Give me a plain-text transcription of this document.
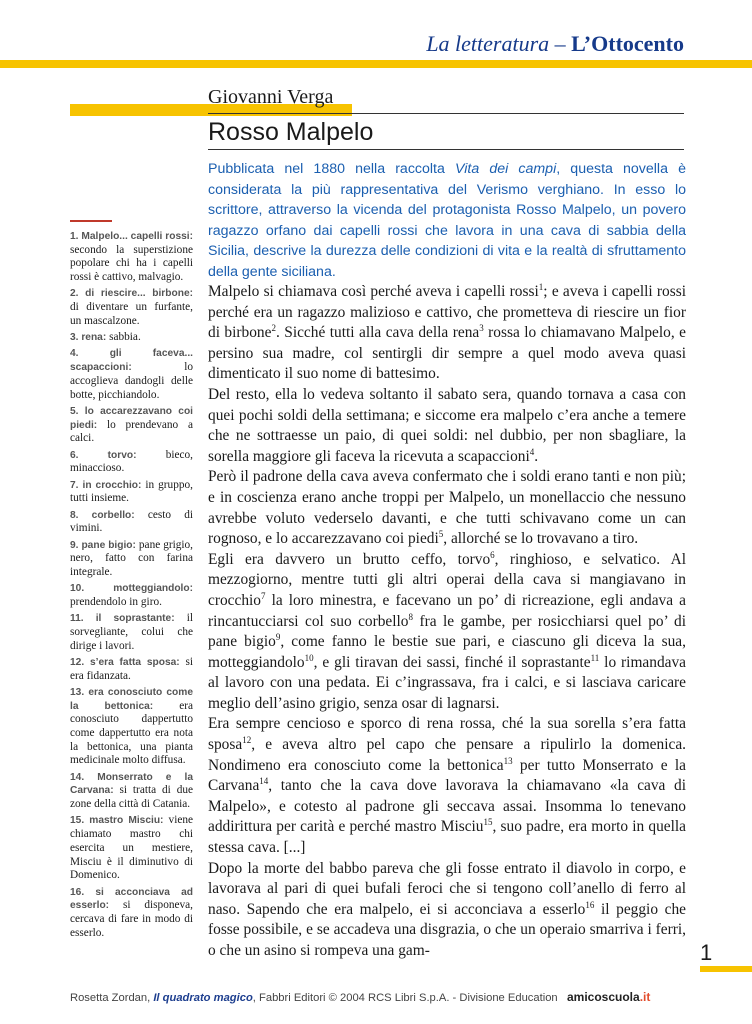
La letteratura – L’Ottocento
Giovanni Verga
Rosso Malpelo
Pubblicata nel 1880 nella raccolta Vita dei campi, questa novella è considerata la più rappresentativa del Verismo verghiano. In esso lo scrittore, attraverso la vicenda del protagonista Rosso Malpelo, un povero ragazzo orfano dai capelli rossi che lavora in una cava di sabbia della Sicilia, descrive la durezza delle condizioni di vita e la realtà di sfruttamento della gente siciliana.
1. Malpelo... capelli rossi: secondo la superstizione popolare chi ha i capelli rossi è cattivo, malvagio.
2. di riescire... birbone: di diventare un furfante, un mascalzone.
3. rena: sabbia.
4. gli faceva... scapaccioni:	lo accoglieva dandogli delle botte, picchiandolo.
5. lo accarezzavano coi piedi: lo prendevano a calci.
6. torvo:	bieco, minaccioso.
7. in crocchio: in gruppo, tutti insieme.
8. corbello: cesto di vimini.
9. pane bigio: pane grigio, nero, fatto con farina integrale.
10. motteggiandolo: prendendolo in giro.
11. il soprastante: il sorvegliante, colui che dirige i lavori.
12. s’era fatta sposa: si era fidanzata.
13. era conosciuto come la bettonica: era conosciuto dappertutto come dappertutto era nota la bettonica, una pianta medicinale molto diffusa.
14. Monserrato e la Carvana: si tratta di due zone della città di Catania.
15. mastro Misciu: viene chiamato mastro chi esercita un mestiere, Misciu è il diminutivo di Domenico.
16. si acconciava ad esserlo: si disponeva, cercava di fare in modo di esserlo.

Malpelo si chiamava così perché aveva i capelli rossi$^1$; e aveva i capelli rossi perché era un ragazzo malizioso e cattivo, che prometteva di riescire un fior di birbone$^2$. Sicché tutti alla cava della rena$^3$ rossa lo chiamavano Malpelo, e persino sua madre, col sentirgli dir sempre a quel modo aveva quasi dimenticato il suo nome di battesimo.

Del resto, ella lo vedeva soltanto il sabato sera, quando tornava a casa con quei pochi soldi della settimana; e siccome era malpelo c’era anche a temere che ne sottraesse un paio, di quei soldi: nel dubbio, per non sbagliare, la sorella maggiore gli faceva la ricevuta a scapaccioni$^4$.

Però il padrone della cava aveva confermato che i soldi erano tanti e non più; e in coscienza erano anche troppi per Malpelo, un monellaccio che nessuno avrebbe voluto vederselo davanti, e che tutti schivavano come un can rognoso, e lo accarezzavano coi piedi$^5$, allorché se lo trovavano a tiro.

Egli era davvero un brutto ceffo, torvo$^6$, ringhioso, e selvatico. Al mezzogiorno, mentre tutti gli altri operai della cava si mangiavano in crocchio$^7$ la loro minestra, e facevano un po’ di ricreazione, egli andava a rincantucciarsi col suo corbello$^8$ fra le gambe, per rosicchiarsi quel po’ di pane bigio$^9$, come fanno le bestie sue pari, e ciascuno gli diceva la sua, motteggiandolo$^{10}$, e gli tiravan dei sassi, finché il soprastante$^{11}$ lo rimandava al lavoro con una pedata. Ei c’ingrassava, fra i calci, e si lasciava caricare meglio dell’asino grigio, senza osar di lagnarsi.

Era sempre cencioso e sporco di rena rossa, ché la sua sorella s’era fatta sposa$^{12}$, e aveva altro pel capo che pensare a ripulirlo la domenica. Nondimeno era conosciuto come la bettonica$^{13}$ per tutto Monserrato e la Carvana$^{14}$, tanto che la cava dove lavorava la chiamavano «la cava di Malpelo», e cotesto al padrone gli seccava assai. Insomma lo tenevano addirittura per carità e perché mastro Misciu$^{15}$, suo padre, era morto in quella stessa cava. [...]

Dopo la morte del babbo pareva che gli fosse entrato il diavolo in corpo, e lavorava al pari di quei bufali feroci che si tengono coll’anello di ferro al naso. Sapendo che era malpelo, ei si acconciava a esserlo$^{16}$ il peggio che fosse possibile, e se accadeva una disgrazia, o che un operaio smarriva i ferri, o che un asino si rompeva una gam-	1
Rosetta Zordan, Il quadrato magico, Fabbri Editori © 2004 RCS Libri S.p.A. - Divisione Education amicoscuola.it
